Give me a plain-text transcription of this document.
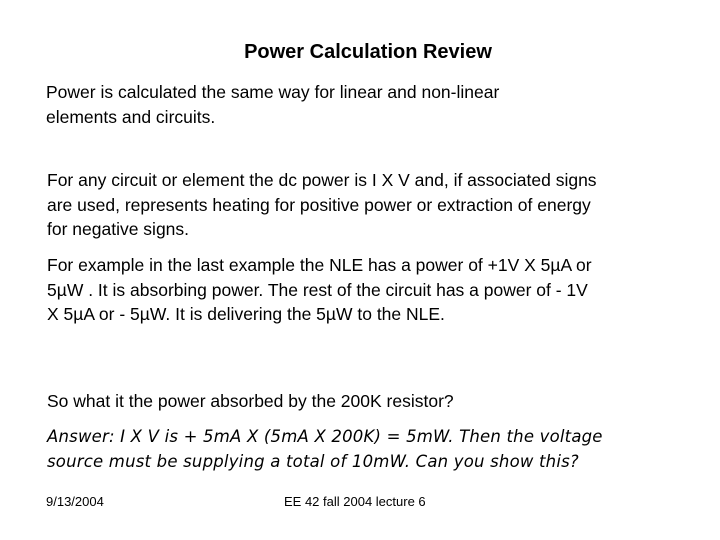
Power Calculation Review
Power is calculated the same way for linear and non-linear
elements and circuits.
For any circuit or element the dc power is I X V and, if associated signs
are used, represents heating for positive power or extraction of energy
for negative signs.
For example in the last example the NLE has a power of +1V X 5µA or
5µW . It is absorbing power. The rest of the circuit has a power of - 1V
X 5µA or - 5µW. It is delivering the 5µW to the NLE.
So what it the power absorbed by the 200K resistor?
Answer: I X V is + 5mA X (5mA X 200K) = 5mW. Then the voltage
source must be supplying a total of 10mW. Can you show this?
9/13/2004	EE 42 fall 2004 lecture 6
